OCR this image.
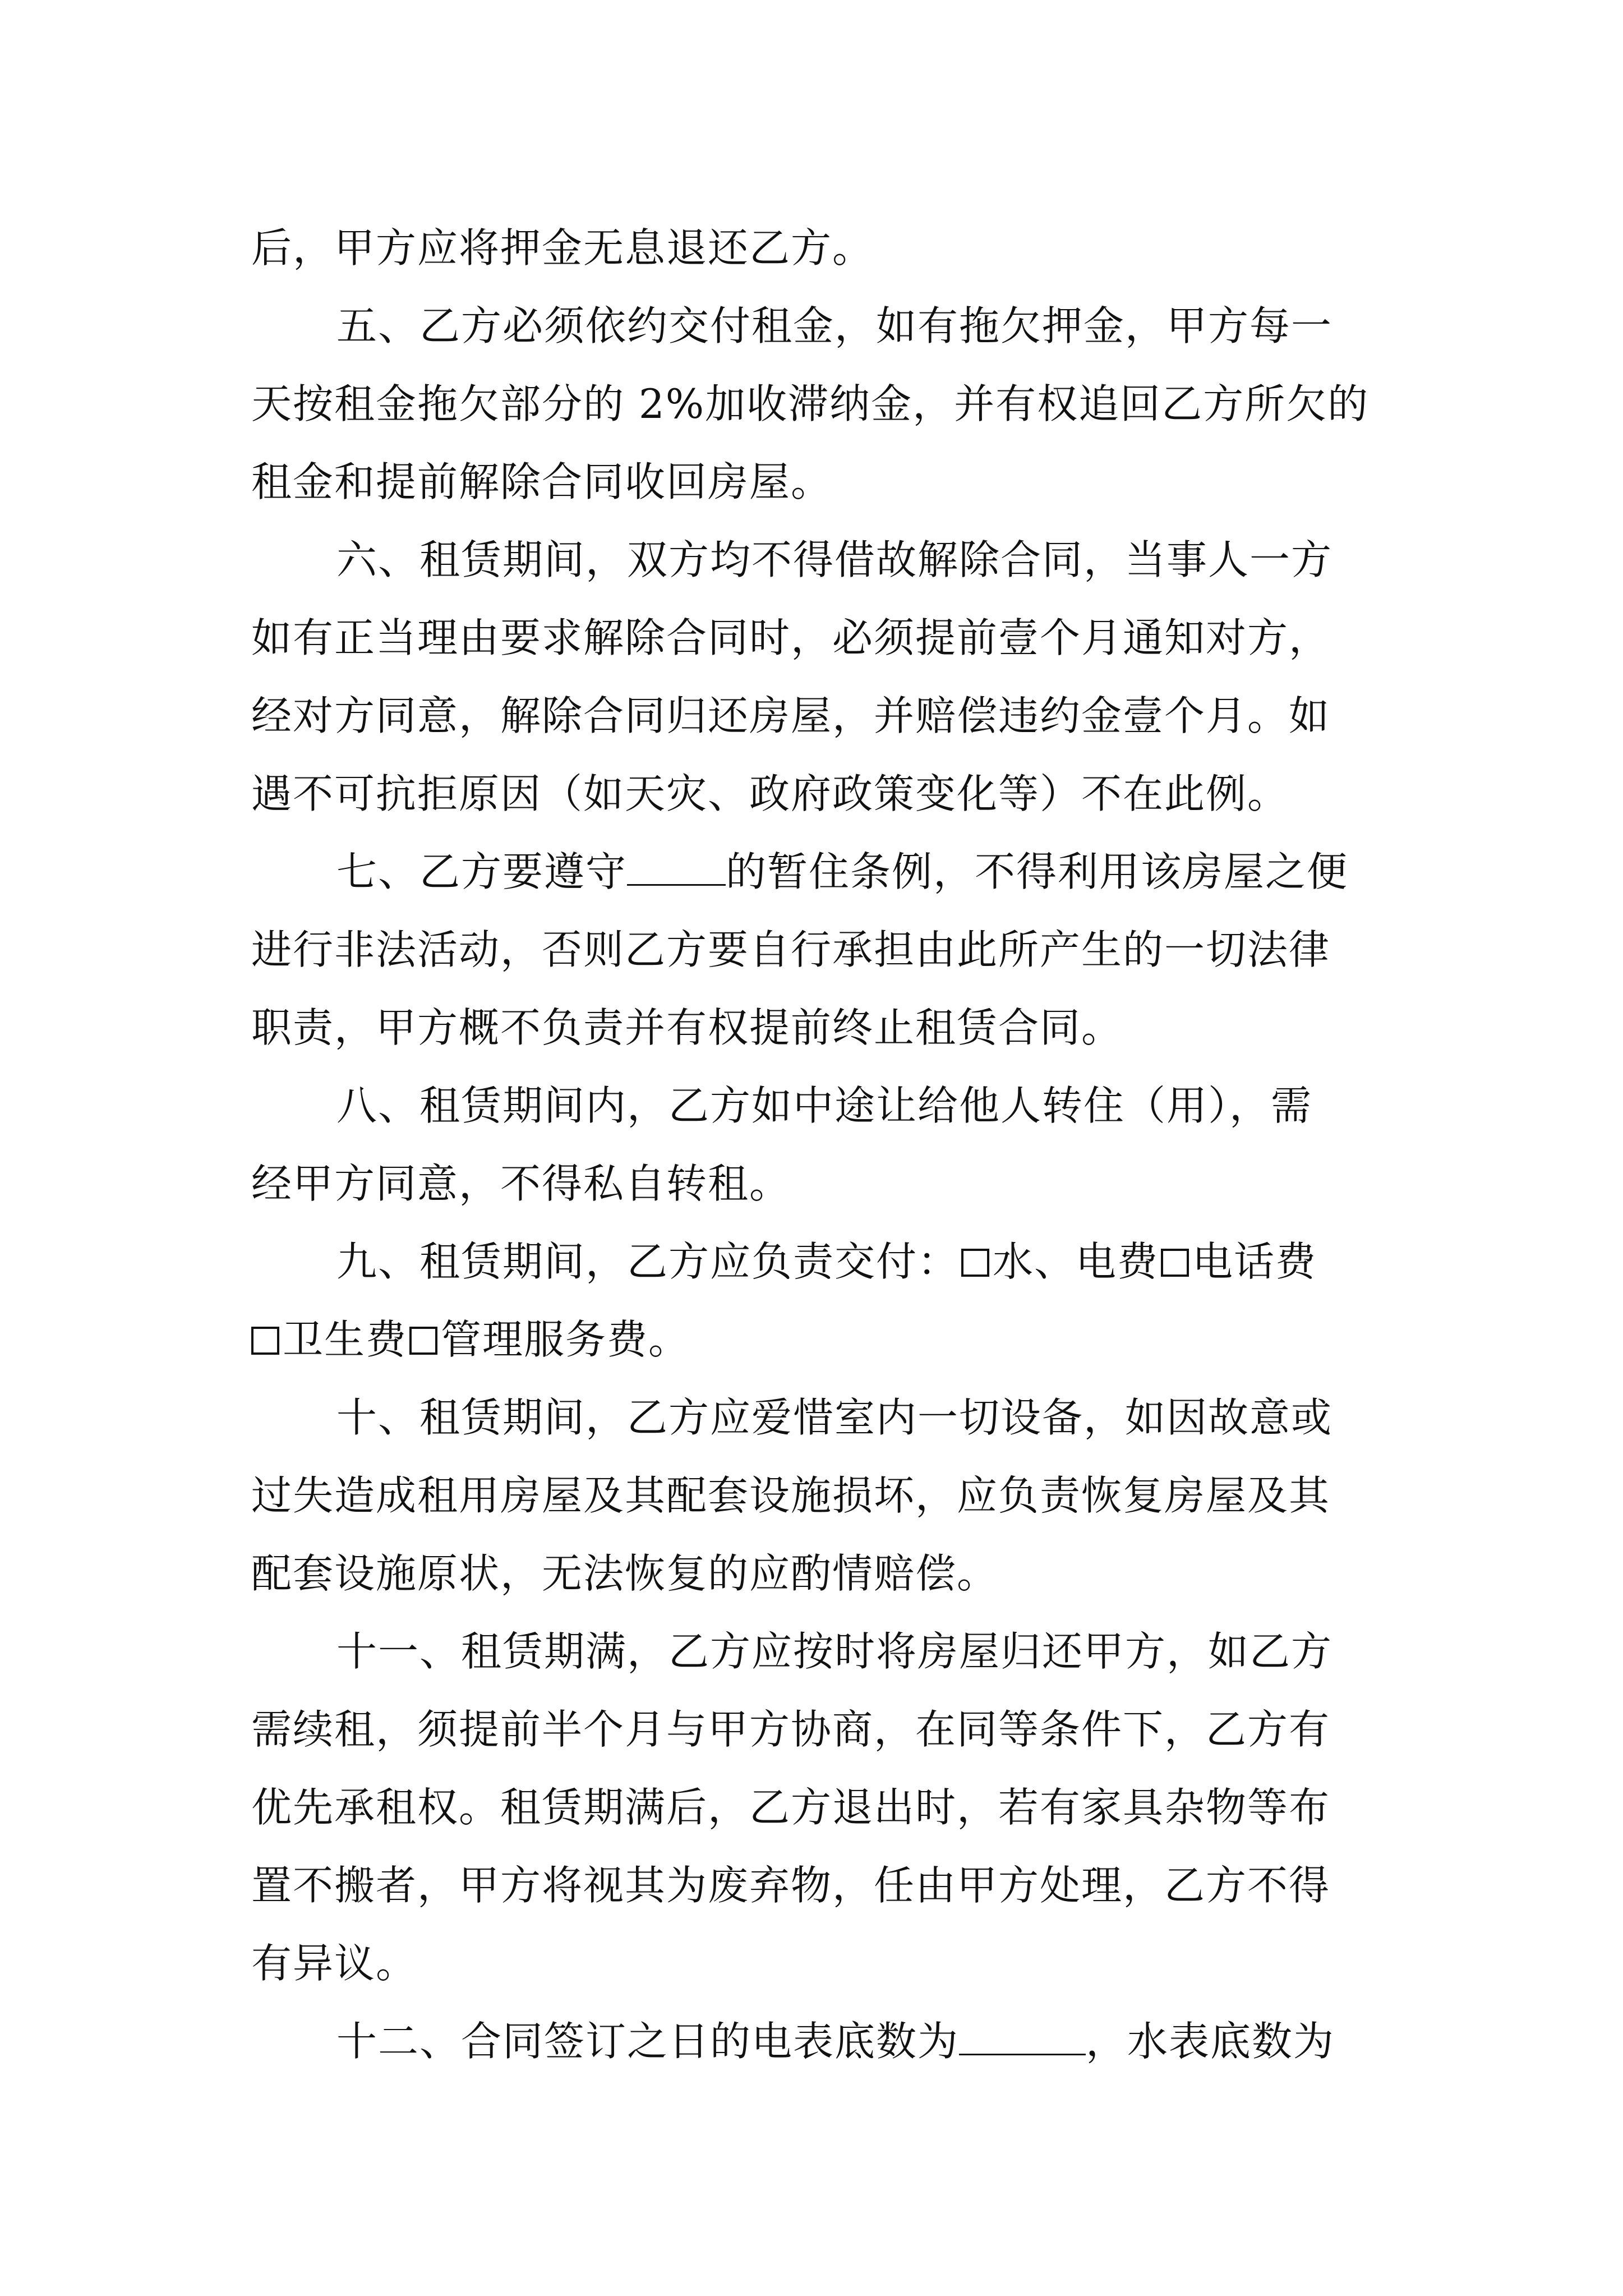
后，甲方应将押金无息退还乙方。

五、乙方必须依约交付租金，如有拖欠押金，甲方每一
天按租金拖欠部分的 2%加收滞纳金，并有权追回乙方所欠的
租金和提前解除合同收回房屋。

六、租赁期间，双方均不得借故解除合同，当事人一方
如有正当理由要求解除合同时，必须提前壹个月通知对方，
经对方同意，解除合同归还房屋，并赔偿违约金壹个月。如
遇不可抗拒原因（如天灾、政府政策变化等）不在此例。

七、乙方要遵守 的暂住条例，不得利用该房屋之便
进行非法活动，否则乙方要自行承担由此所产生的一切法律
职责，甲方概不负责并有权提前终止租赁合同。

八、租赁期间内，乙方如中途让给他人转住（用），需
经甲方同意，不得私自转租。

九、租赁期间，乙方应负责交付： 水、电费 电话费
卫生费 管理服务费。

十、租赁期间，乙方应爱惜室内一切设备，如因故意或
过失造成租用房屋及其配套设施损坏，应负责恢复房屋及其
配套设施原状，无法恢复的应酌情赔偿。

十一、租赁期满，乙方应按时将房屋归还甲方，如乙方
需续租，须提前半个月与甲方协商，在同等条件下，乙方有
优先承租权。租赁期满后，乙方退出时，若有家具杂物等布
置不搬者，甲方将视其为废弃物，任由甲方处理，乙方不得
有异议。

十二、合同签订之日的电表底数为	，水表底数为
